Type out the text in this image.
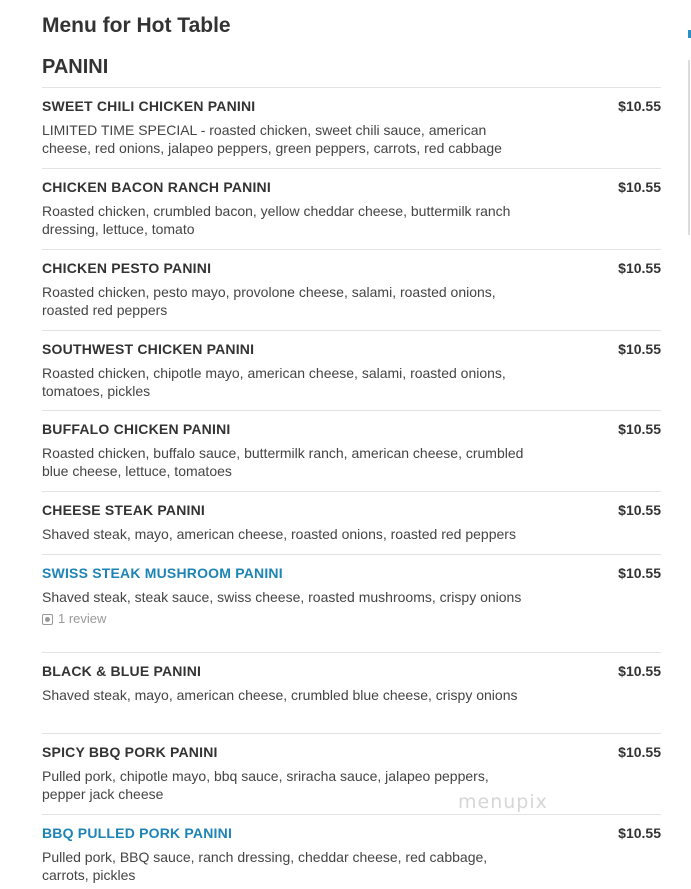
Menu for Hot Table
PANINI
SWEET CHILI CHICKEN PANINI	$10.55
LIMITED TIME SPECIAL - roasted chicken, sweet chili sauce, american cheese, red onions, jalapeo peppers, green peppers, carrots, red cabbage
CHICKEN BACON RANCH PANINI	$10.55
Roasted chicken, crumbled bacon, yellow cheddar cheese, buttermilk ranch dressing, lettuce, tomato
CHICKEN PESTO PANINI	$10.55
Roasted chicken, pesto mayo, provolone cheese, salami, roasted onions, roasted red peppers
SOUTHWEST CHICKEN PANINI	$10.55
Roasted chicken, chipotle mayo, american cheese, salami, roasted onions, tomatoes, pickles
BUFFALO CHICKEN PANINI	$10.55
Roasted chicken, buffalo sauce, buttermilk ranch, american cheese, crumbled blue cheese, lettuce, tomatoes
CHEESE STEAK PANINI	$10.55
Shaved steak, mayo, american cheese, roasted onions, roasted red peppers
SWISS STEAK MUSHROOM PANINI	$10.55
Shaved steak, steak sauce, swiss cheese, roasted mushrooms, crispy onions
1 review
BLACK & BLUE PANINI	$10.55
Shaved steak, mayo, american cheese, crumbled blue cheese, crispy onions
SPICY BBQ PORK PANINI	$10.55
Pulled pork, chipotle mayo, bbq sauce, sriracha sauce, jalapeo peppers, pepper jack cheese
BBQ PULLED PORK PANINI	$10.55
Pulled pork, BBQ sauce, ranch dressing, cheddar cheese, red cabbage, carrots, pickles
menupix
